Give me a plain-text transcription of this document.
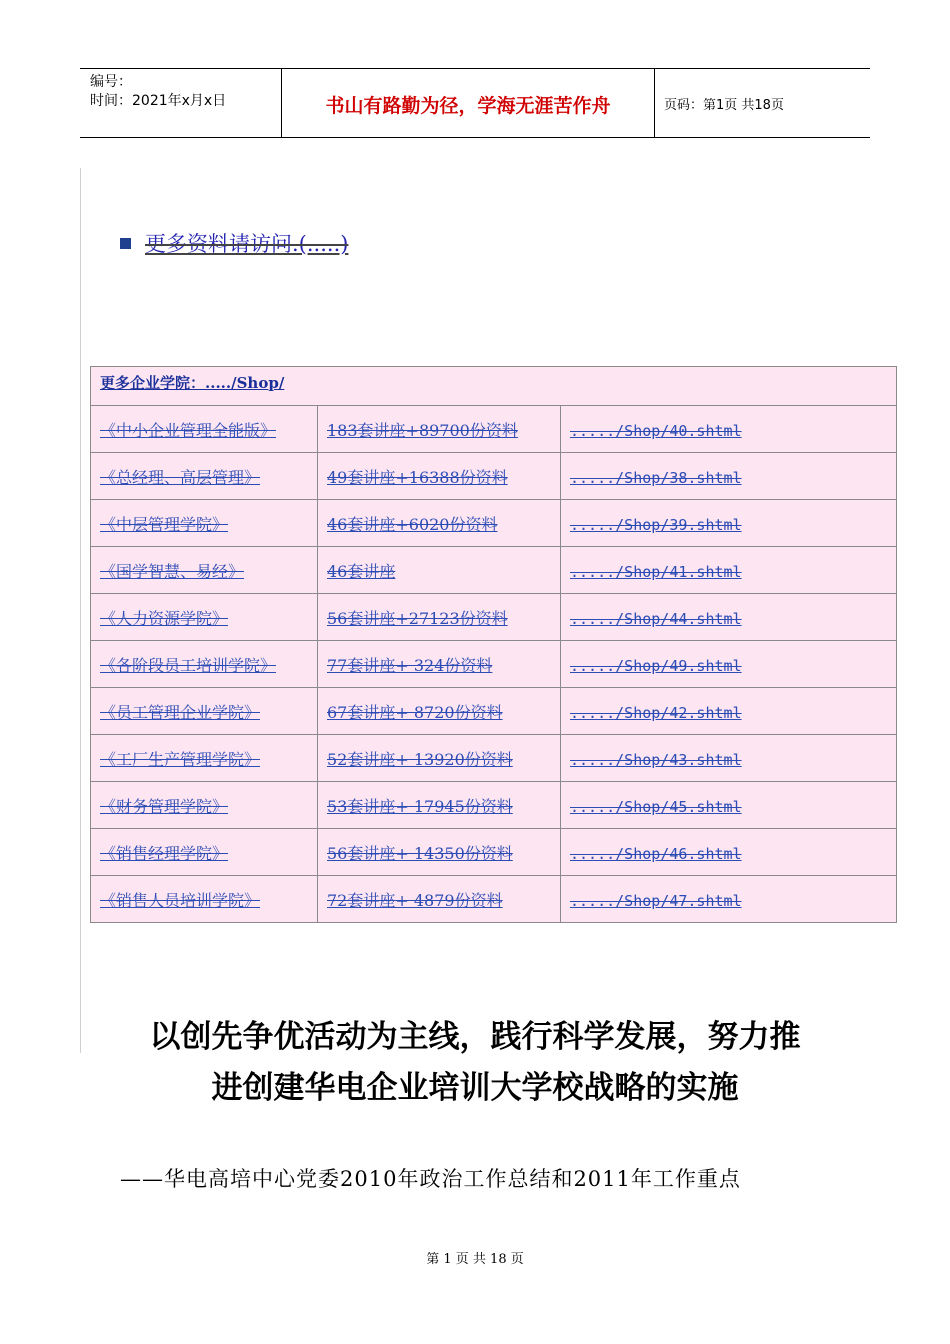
编号：
时间：2021年x月x日	书山有路勤为径，学海无涯苦作舟	页码：第1页 共18页
更多资料请访问.(.....)
更多企业学院：...../Shop/		
《中小企业管理全能版》	183套讲座+89700份资料	...../Shop/40.shtml
《总经理、高层管理》	49套讲座+16388份资料	...../Shop/38.shtml
《中层管理学院》	46套讲座+6020份资料	...../Shop/39.shtml
《国学智慧、易经》	46套讲座	...../Shop/41.shtml
《人力资源学院》	56套讲座+27123份资料	...../Shop/44.shtml
《各阶段员工培训学院》	77套讲座+ 324份资料	...../Shop/49.shtml
《员工管理企业学院》	67套讲座+ 8720份资料	...../Shop/42.shtml
《工厂生产管理学院》	52套讲座+ 13920份资料	...../Shop/43.shtml
《财务管理学院》	53套讲座+ 17945份资料	...../Shop/45.shtml
《销售经理学院》	56套讲座+ 14350份资料	...../Shop/46.shtml
《销售人员培训学院》	72套讲座+ 4879份资料	...../Shop/47.shtml
以创先争优活动为主线，践行科学发展，努力推
进创建华电企业培训大学校战略的实施
——华电高培中心党委2010年政治工作总结和2011年工作重点
第 1 页 共 18 页
